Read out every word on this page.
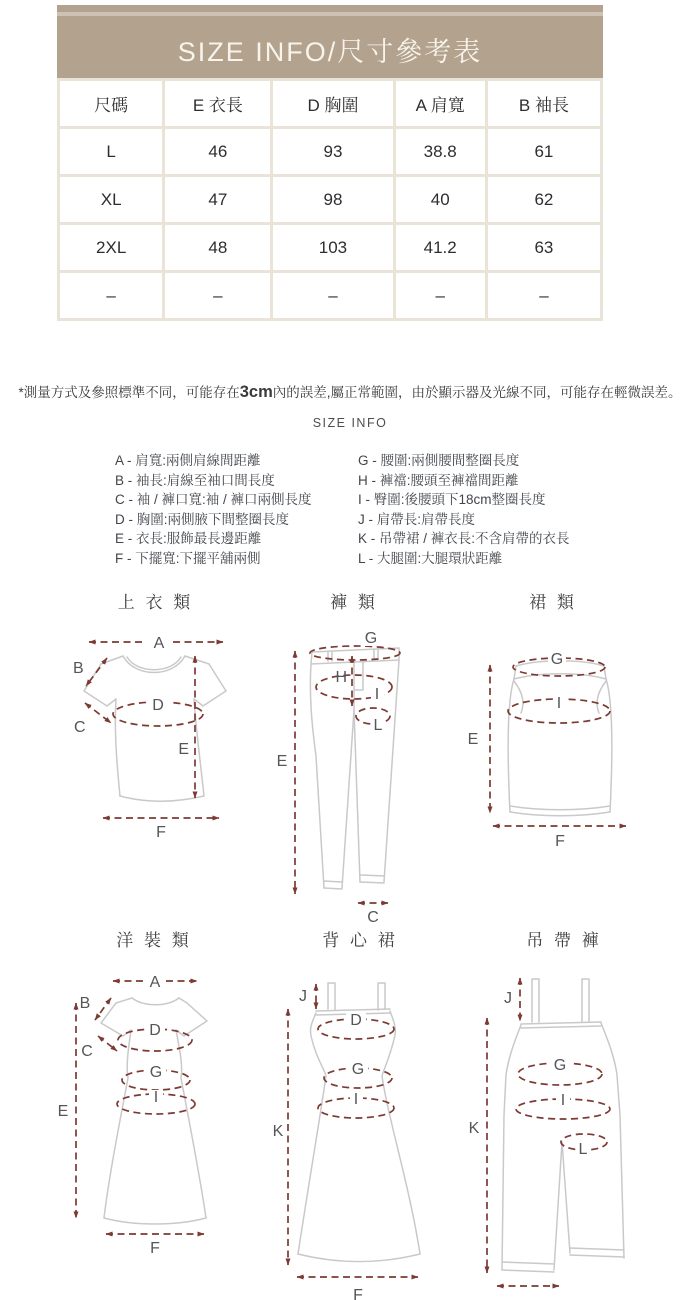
SIZE INFO/尺寸參考表
尺碼	E 衣長	D 胸圍	A 肩寬	B 袖長
L	46	93	38.8	61
XL	47	98	40	62
2XL	48	103	41.2	63
–	–	–	–	–

*測量方式及參照標準不同，可能存在3cm內的誤差,屬正常範圍，由於顯示器及光線不同，可能存在輕微誤差。

SIZE INFO
A - 肩寬:兩側肩線間距離
B - 袖長:肩線至袖口間長度
C - 袖 / 褲口寬:袖 / 褲口兩側長度
D - 胸圍:兩側腋下間整圈長度
E - 衣長:服飾最長邊距離
F - 下擺寬:下擺平舖兩側
G - 腰圍:兩側腰間整圈長度
H - 褲襠:腰頭至褲襠間距離
I - 臀圍:後腰頭下18cm整圈長度
J - 肩帶長:肩帶長度
K - 吊帶裙 / 褲衣長:不含肩帶的衣長
L - 大腿圍:大腿環狀距離
上 衣 類
A
B
C
D
E
F
褲 類
G
H
I
L
E
C
裙 類
G
I
E
F
洋 裝 類
A
B
C
D
G
I
E
F
背 心 裙
J
D
G
I
K
F
吊 帶 褲
J
G
I
L
K
